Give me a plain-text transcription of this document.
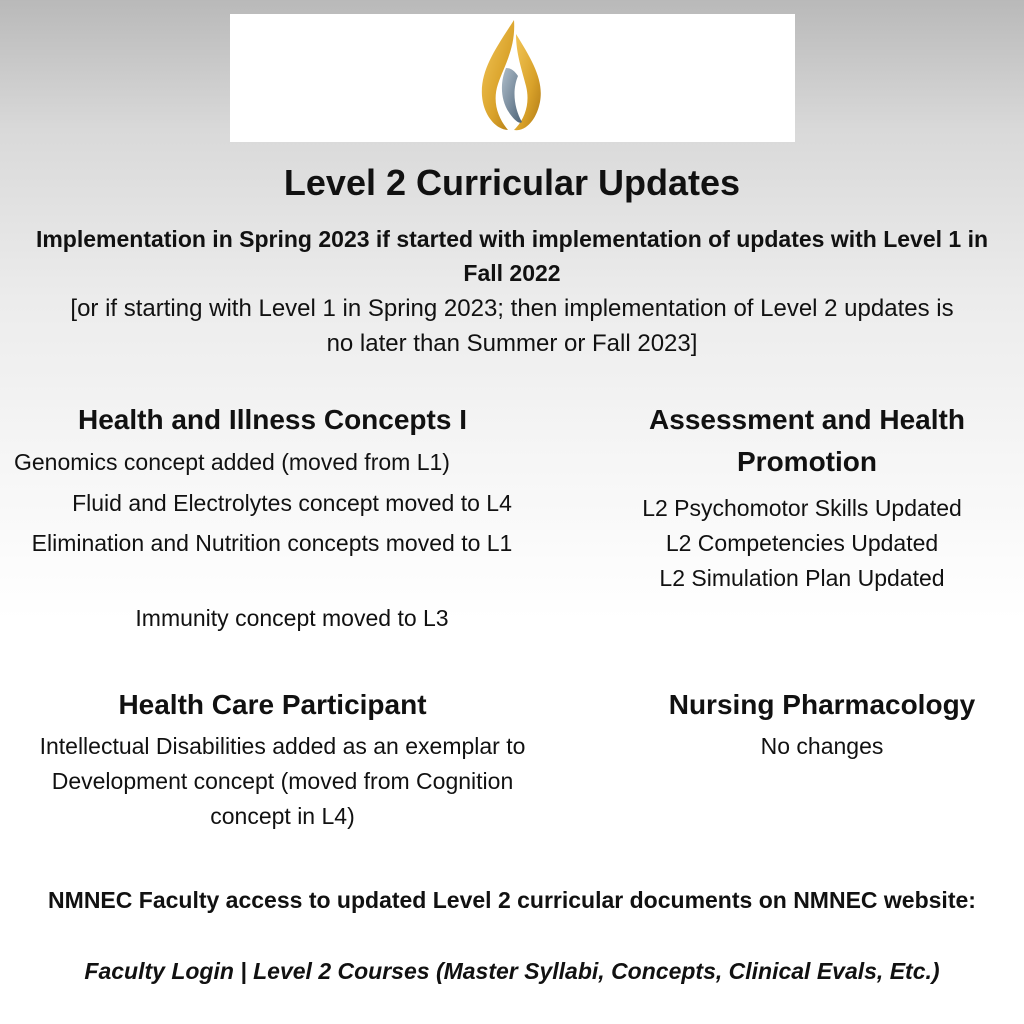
Level 2 Curricular Updates
Implementation in Spring 2023 if started with implementation of updates with Level 1 in Fall 2022
[or if starting with Level 1 in Spring 2023; then implementation of Level 2 updates is no later than Summer or Fall 2023]
Health and Illness Concepts I
Genomics concept added (moved from L1)
Fluid and Electrolytes concept moved to L4
Elimination and Nutrition concepts moved to L1
Immunity concept moved to L3
Assessment and Health Promotion
L2 Psychomotor Skills Updated
L2 Competencies Updated
L2 Simulation Plan Updated
Health Care Participant
Intellectual Disabilities added as an exemplar to Development concept (moved from Cognition concept in L4)
Nursing Pharmacology
No changes
NMNEC Faculty access to updated Level 2 curricular documents on NMNEC website:
Faculty Login | Level 2 Courses (Master Syllabi, Concepts, Clinical Evals, Etc.)
